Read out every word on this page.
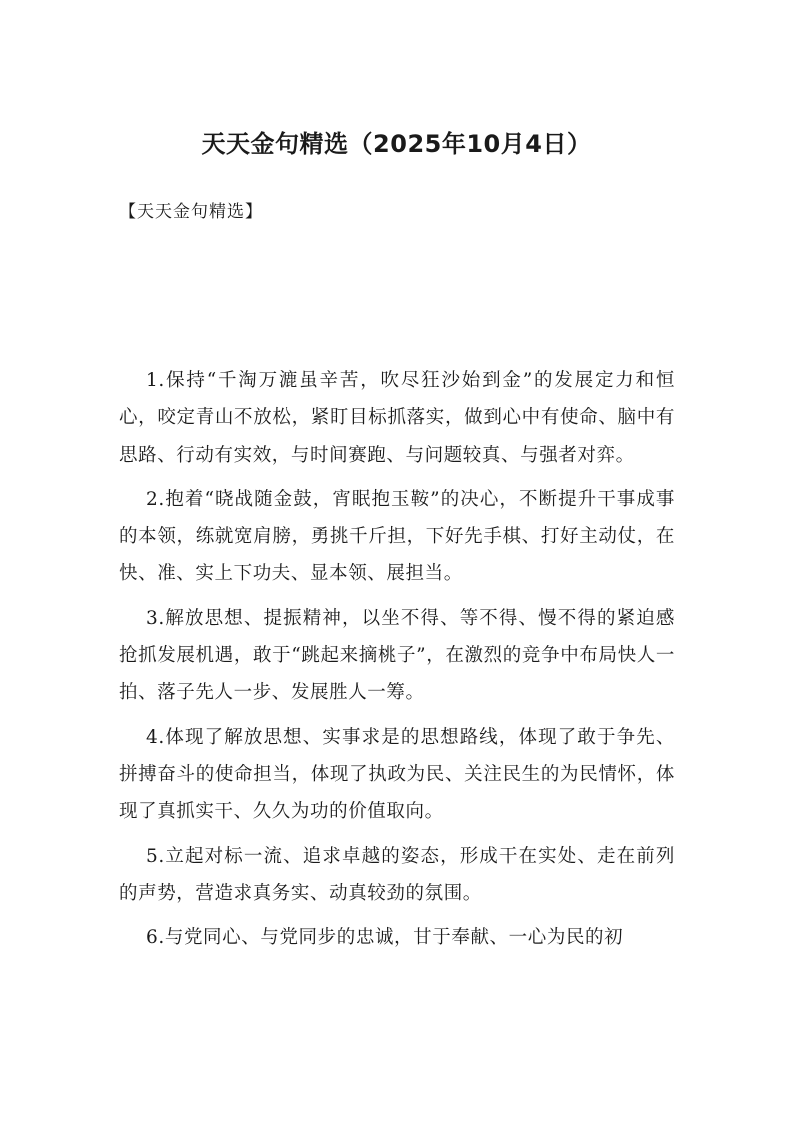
天天金句精选（2025年10月4日）

【天天金句精选】

1.保持“千淘万漉虽辛苦，吹尽狂沙始到金”的发展定力和恒心，咬定青山不放松，紧盯目标抓落实，做到心中有使命、脑中有思路、行动有实效，与时间赛跑、与问题较真、与强者对弈。

2.抱着“晓战随金鼓，宵眠抱玉鞍”的决心，不断提升干事成事的本领，练就宽肩膀，勇挑千斤担，下好先手棋、打好主动仗，在快、准、实上下功夫、显本领、展担当。

3.解放思想、提振精神，以坐不得、等不得、慢不得的紧迫感抢抓发展机遇，敢于“跳起来摘桃子”，在激烈的竞争中布局快人一拍、落子先人一步、发展胜人一筹。

4.体现了解放思想、实事求是的思想路线，体现了敢于争先、拼搏奋斗的使命担当，体现了执政为民、关注民生的为民情怀，体现了真抓实干、久久为功的价值取向。

5.立起对标一流、追求卓越的姿态，形成干在实处、走在前列的声势，营造求真务实、动真较劲的氛围。

6.与党同心、与党同步的忠诚，甘于奉献、一心为民的初
